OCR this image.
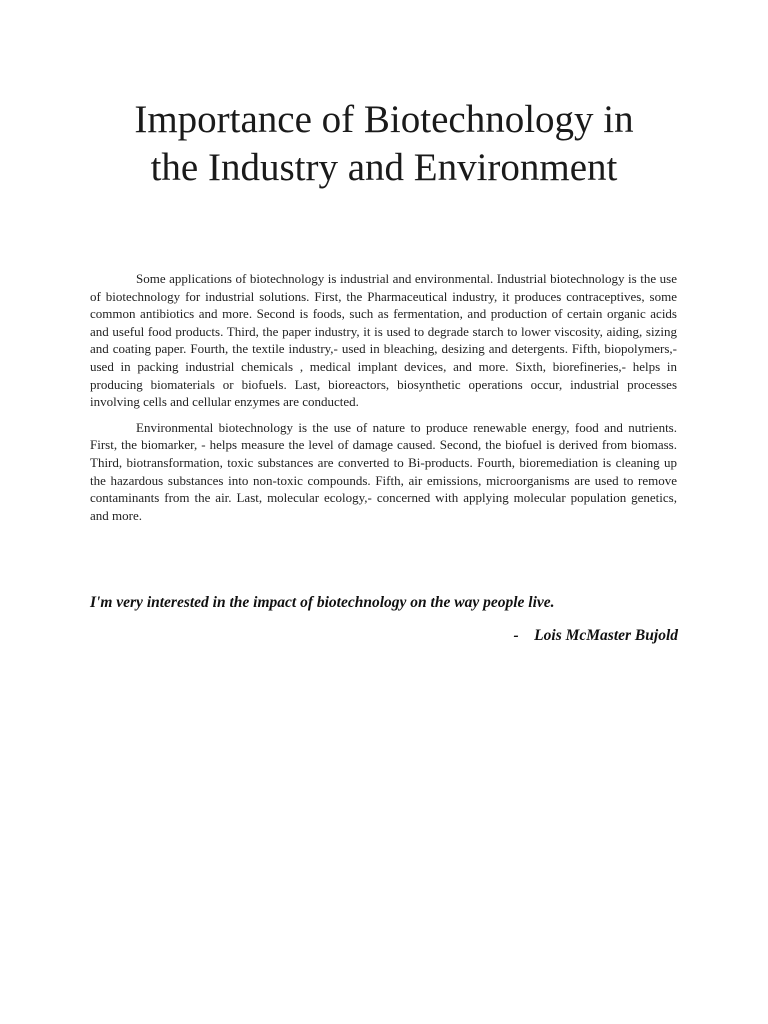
Importance of Biotechnology in
the Industry and Environment

Some applications of biotechnology is industrial and environmental. Industrial biotechnology is the use of biotechnology for industrial solutions. First, the Pharmaceutical industry, it produces contraceptives, some common antibiotics and more. Second is foods, such as fermentation, and production of certain organic acids and useful food products. Third, the paper industry, it is used to degrade starch to lower viscosity, aiding, sizing and coating paper. Fourth, the textile industry,- used in bleaching, desizing and detergents. Fifth, biopolymers,- used in packing industrial chemicals , medical implant devices, and more. Sixth, biorefineries,- helps in producing biomaterials or biofuels. Last, bioreactors, biosynthetic operations occur, industrial processes involving cells and cellular enzymes are conducted.

Environmental biotechnology is the use of nature to produce renewable energy, food and nutrients. First, the biomarker, - helps measure the level of damage caused. Second, the biofuel is derived from biomass. Third, biotransformation, toxic substances are converted to Bi-products. Fourth, bioremediation is cleaning up the hazardous substances into non-toxic compounds. Fifth, air emissions, microorganisms are used to remove contaminants from the air. Last, molecular ecology,- concerned with applying molecular population genetics, and more.

I'm very interested in the impact of biotechnology on the way people live.

-    Lois McMaster Bujold
